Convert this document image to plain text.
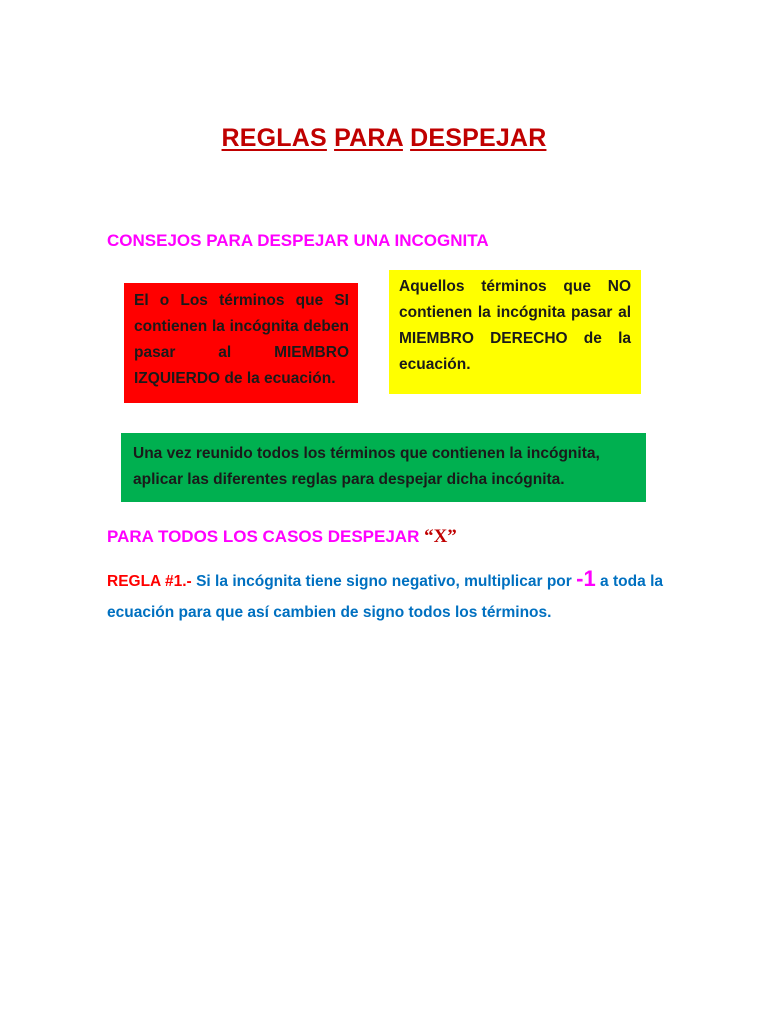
REGLAS PARA DESPEJAR
CONSEJOS PARA DESPEJAR UNA INCOGNITA
El o Los términos que SI contienen la incógnita deben pasar al MIEMBRO IZQUIERDO de la ecuación.
Aquellos términos que NO contienen la incógnita pasar al MIEMBRO DERECHO de la ecuación.
Una vez reunido todos los términos que contienen la incógnita, aplicar las diferentes reglas para despejar dicha incógnita.
PARA TODOS LOS CASOS DESPEJAR “X”
REGLA #1.- Si la incógnita tiene signo negativo, multiplicar por -1 a toda la ecuación para que así cambien de signo todos los términos.
